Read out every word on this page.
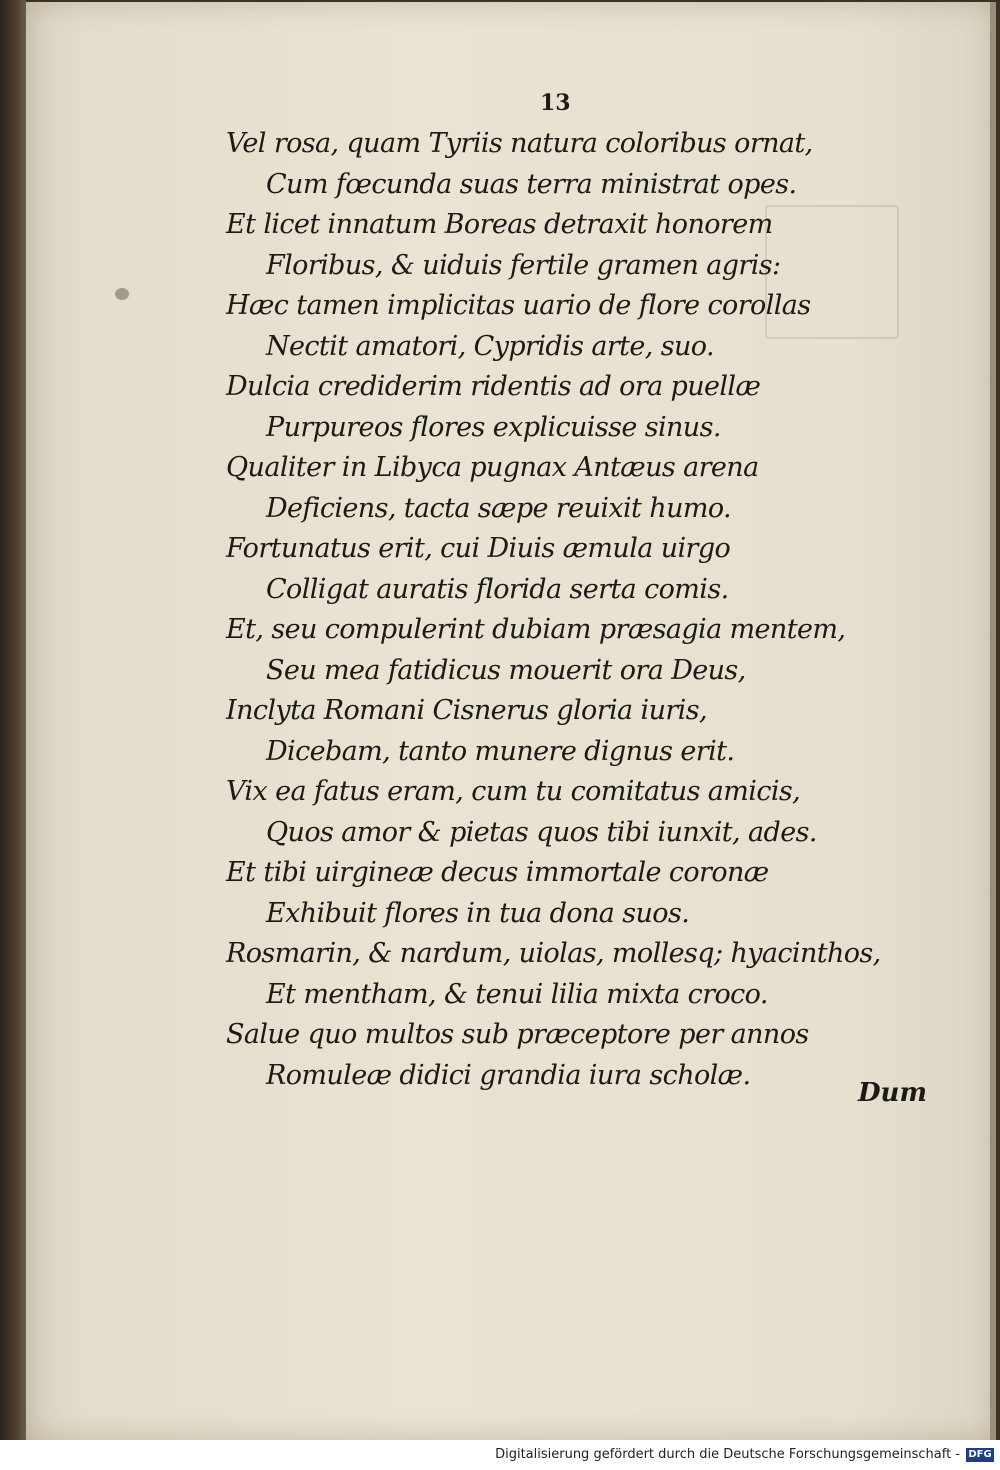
13
Vel rosa, quam Tyriis natura coloribus ornat,
Cum fœcunda suas terra ministrat opes.
Et licet innatum Boreas detraxit honorem
Floribus, & uiduis fertile gramen agris:
Hæc tamen implicitas uario de flore corollas
Nectit amatori, Cypridis arte, suo.
Dulcia crediderim ridentis ad ora puellæ
Purpureos flores explicuisse sinus.
Qualiter in Libyca pugnax Antæus arena
Deficiens, tacta sæpe reuixit humo.
Fortunatus erit, cui Diuis æmula uirgo
Colligat auratis florida serta comis.
Et, seu compulerint dubiam præsagia mentem,
Seu mea fatidicus mouerit ora Deus,
Inclyta Romani Cisnerus gloria iuris,
Dicebam, tanto munere dignus erit.
Vix ea fatus eram, cum tu comitatus amicis,
Quos amor & pietas quos tibi iunxit, ades.
Et tibi uirgineæ decus immortale coronæ
Exhibuit flores in tua dona suos.
Rosmarin, & nardum, uiolas, mollesq; hyacinthos,
Et mentham, & tenui lilia mixta croco.
Salue quo multos sub præceptore per annos
Romuleæ didici grandia iura scholæ.
Dum
Digitalisierung gefördert durch die Deutsche Forschungsgemeinschaft - DFG
